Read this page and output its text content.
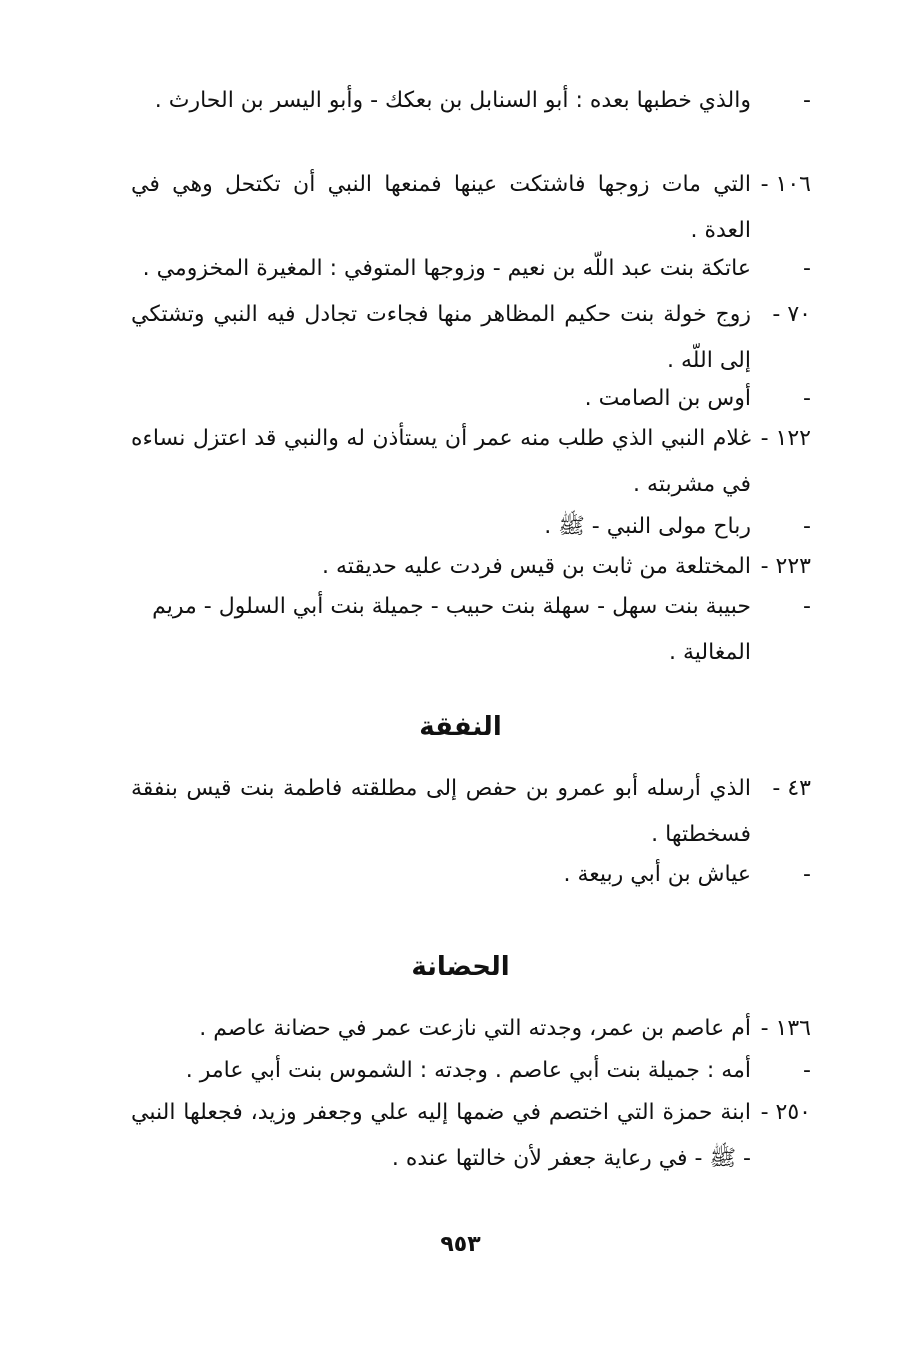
-
والذي خطبها بعده : أبو السنابل بن بعكك - وأبو اليسر بن الحارث .
١٠٦ -
التي مات زوجها فاشتكت عينها فمنعها النبي أن تكتحل وهي في العدة .
-
عاتكة بنت عبد اللّه بن نعيم - وزوجها المتوفي : المغيرة المخزومي .
٧٠ -
زوج خولة بنت حكيم المظاهر منها فجاءت تجادل فيه النبي وتشتكي إلى اللّه .
-
أوس بن الصامت .
١٢٢ -
غلام النبي الذي طلب منه عمر أن يستأذن له والنبي قد اعتزل نساءه في مشربته .
-
رباح مولى النبي - ﷺ .
٢٢٣ -
المختلعة من ثابت بن قيس فردت عليه حديقته .
-
حبيبة بنت سهل - سهلة بنت حبيب - جميلة بنت أبي السلول - مريم المغالية .
النفقة
٤٣ -
الذي أرسله أبو عمرو بن حفص إلى مطلقته فاطمة بنت قيس بنفقة فسخطتها .
-
عياش بن أبي ربيعة .
الحضانة
١٣٦ -
أم عاصم بن عمر، وجدته التي نازعت عمر في حضانة عاصم .
-
أمه : جميلة بنت أبي عاصم . وجدته : الشموس بنت أبي عامر .
٢٥٠ -
ابنة حمزة التي اختصم في ضمها إليه علي وجعفر وزيد، فجعلها النبي - ﷺ - في رعاية جعفر لأن خالتها عنده .
٩٥٣
